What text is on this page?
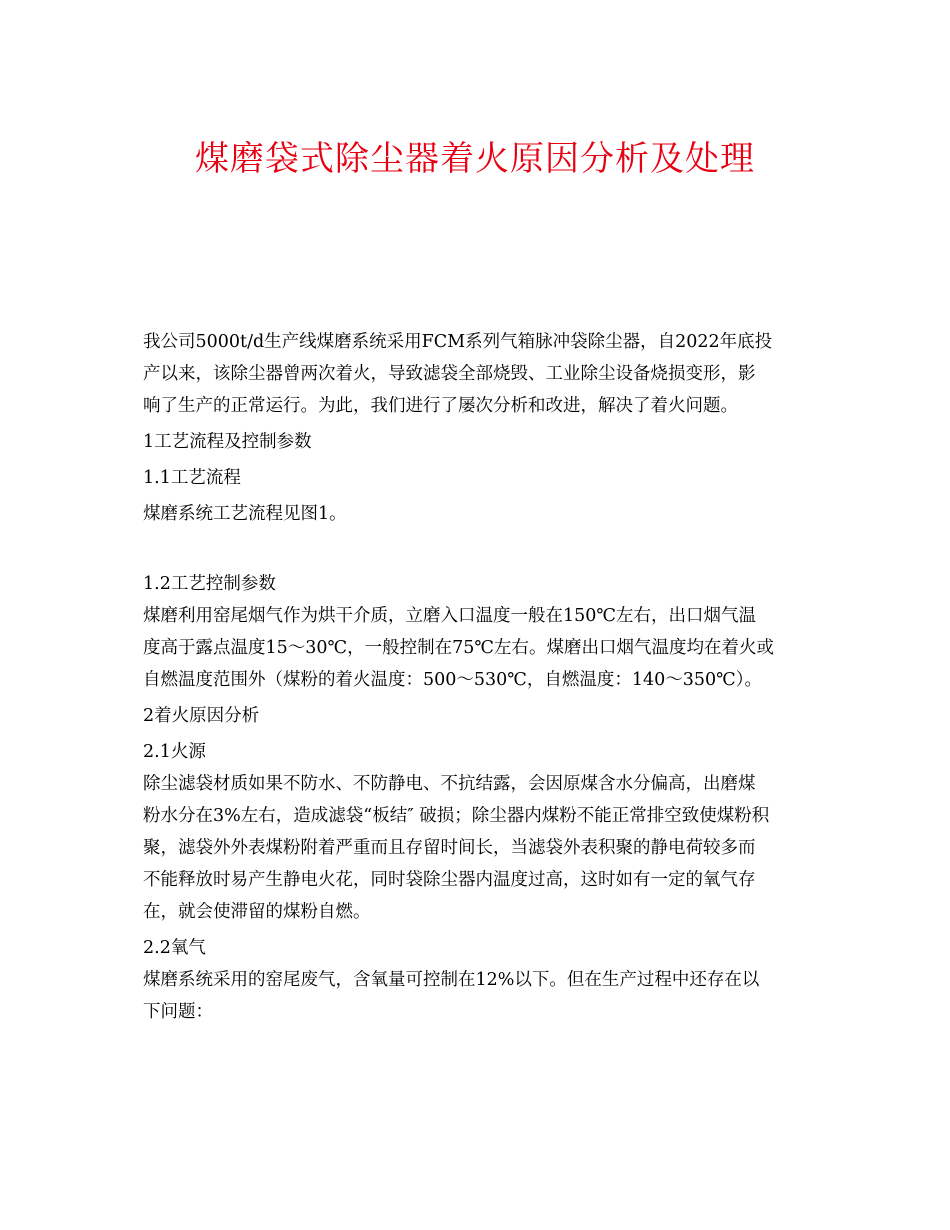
煤磨袋式除尘器着火原因分析及处理

我公司5000t/d生产线煤磨系统采用FCM系列气箱脉冲袋除尘器，自2022年底投

产以来，该除尘器曾两次着火，导致滤袋全部烧毁、工业除尘设备烧损变形，影

响了生产的正常运行。为此，我们进行了屡次分析和改进，解决了着火问题。

1工艺流程及控制参数

1.1工艺流程

煤磨系统工艺流程见图1。

1.2工艺控制参数

煤磨利用窑尾烟气作为烘干介质，立磨入口温度一般在150℃左右，出口烟气温

度高于露点温度15～30℃，一般控制在75℃左右。煤磨出口烟气温度均在着火或

自燃温度范围外（煤粉的着火温度：500～530℃，自燃温度：140～350℃）。

2着火原因分析

2.1火源

除尘滤袋材质如果不防水、不防静电、不抗结露，会因原煤含水分偏高，出磨煤

粉水分在3%左右，造成滤袋“板结″ 破损；除尘器内煤粉不能正常排空致使煤粉积

聚，滤袋外外表煤粉附着严重而且存留时间长，当滤袋外表积聚的静电荷较多而

不能释放时易产生静电火花，同时袋除尘器内温度过高，这时如有一定的氧气存

在，就会使滞留的煤粉自燃。

2.2氧气

煤磨系统采用的窑尾废气，含氧量可控制在12%以下。但在生产过程中还存在以

下问题：
